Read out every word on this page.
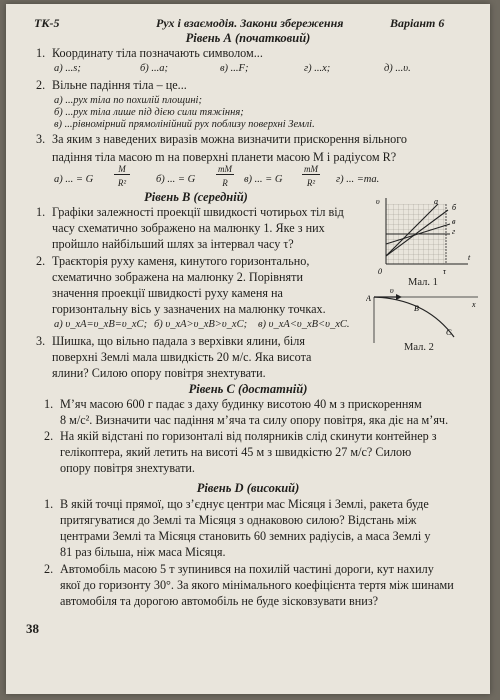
ТК-5	Рух і взаємодія. Закони збереження	Варіант 6
Рівень А (початковий)
1. Координату тіла позначають символом...
а) ...s;	б) ...a;	в) ...F;	г) ...x;	д) ...υ.
2. Вільне падіння тіла – це...
а) ...рух тіла по похилій площині;
б) ...рух тіла лише під дією сили тяжіння;
в) ...рівномірний прямолінійний рух поблизу поверхні Землі.
3. За яким з наведених виразів можна визначити прискорення вільного
падіння тіла масою m на поверхні планети масою M і радіусом R?
а) ... = G
M
R²	б) ... = G
mM
R	в) ... = G
mM
R²	г) ... =ma.
Рівень В (середній)
1. Графіки залежності проекції швидкості чотирьох тіл від
часу схематично зображено на малюнку 1. Яке з них
пройшло найбільший шлях за інтервал часу τ?
2. Траєкторія руху каменя, кинутого горизонтально,
схематично зображена на малюнку 2. Порівняти
значення проекції швидкості руху каменя на
горизонтальну вісь у зазначених на малюнку точках.
а) υ_xA=υ_xB=υ_xC; б) υ_xA>υ_xB>υ_xC; в) υ_xA<υ_xB<υ_xC.
3. Шишка, що вільно падала з верхівки ялини, біля
поверхні Землі мала швидкість 20 м/с. Яка висота
ялини? Силою опору повітря знехтувати.
υ
t
0	τ
а
б
в
г
Мал. 1
A
B
C
υ
x
Мал. 2
Рівень С (достатній)
1. М’яч масою 600 г падає з даху будинку висотою 40 м з прискоренням
8 м/с². Визначити час падіння м’яча та силу опору повітря, яка діє на м’яч.
2. На якій відстані по горизонталі від полярників слід скинути контейнер з
гелікоптера, який летить на висоті 45 м з швидкістю 27 м/с? Силою
опору повітря знехтувати.
Рівень D (високий)
1. В якій точці прямої, що з’єднує центри мас Місяця і Землі, ракета буде
притягуватися до Землі та Місяця з однаковою силою? Відстань між
центрами Землі та Місяця становить 60 земних радіусів, а маса Землі у
81 раз більша, ніж маса Місяця.
2. Автомобіль масою 5 т зупинився на похилій частині дороги, кут нахилу
якої до горизонту 30°. За якого мінімального коефіцієнта тертя між шинами
автомобіля та дорогою автомобіль не буде зісковзувати вниз?
38
